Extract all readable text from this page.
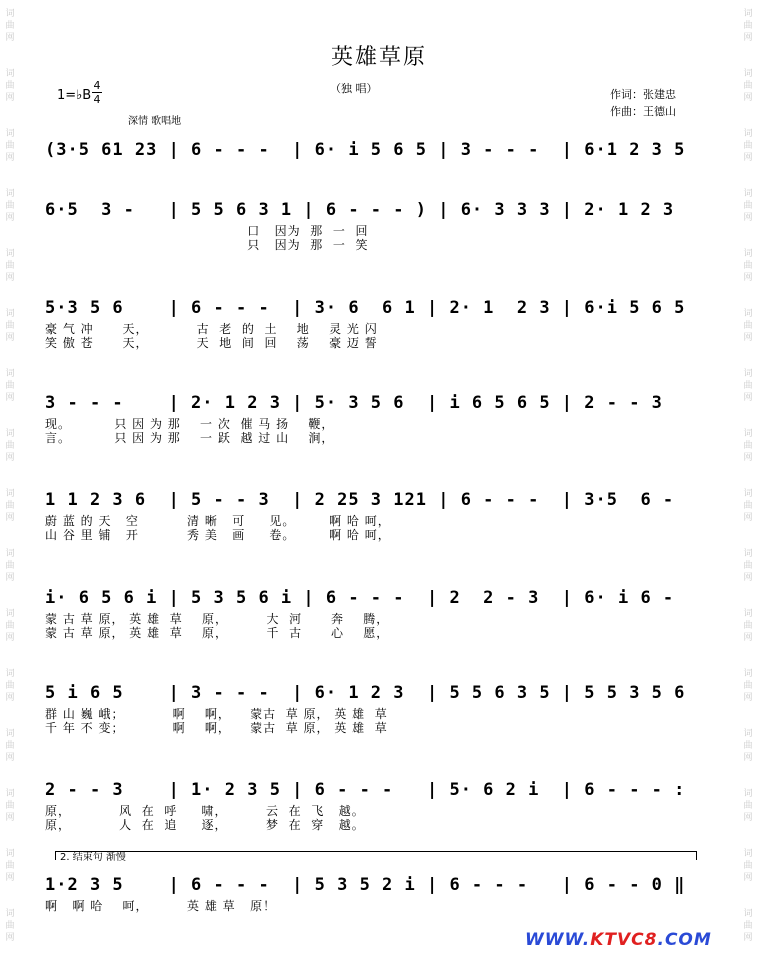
词曲网
词曲网
词曲网
词曲网
词曲网
词曲网
词曲网
词曲网
词曲网
词曲网
词曲网
词曲网
词曲网
词曲网
词曲网
词曲网
词曲网
词曲网
词曲网
词曲网
词曲网
词曲网
词曲网
词曲网
词曲网
词曲网
词曲网
词曲网
词曲网
词曲网
词曲网
词曲网
英雄草原
（独 唱）
1=♭B
4
4
深情 歌唱地
作词：张建忠
作曲：王德山
(3·5 61 23 | 6 - - -  | 6· i 5 6 5 | 3 - - -  | 6·1 2 3 5
6·5  3 -   | 5 5 6 3 1 | 6 - - - ) | 6· 3 3 3 | 2· 1 2 3
口   因为  那  一  回
只   因为  那  一  笑
5·3 5 6    | 6 - - -  | 3· 6  6 1 | 2· 1  2 3 | 6·i 5 6 5
豪 气 冲      天，          古  老  的  土    地    灵 光 闪
笑 傲 苍      天，          天  地  间  回    荡    豪 迈 誓
3 - - -    | 2· 1 2 3 | 5· 3 5 6  | i 6 5 6 5 | 2 - - 3
现。         只 因 为 那    一 次  催 马 扬    鞭，
言。         只 因 为 那    一 跃  越 过 山    涧，
1 1 2 3 6  | 5 - - 3  | 2 25 3 121 | 6 - - -  | 3·5  6 -
蔚 蓝 的 天   空          清 晰   可     见。       啊 哈 呵，
山 谷 里 铺   开          秀 美   画     卷。       啊 哈 呵，
i· 6 5 6 i | 5 3 5 6 i | 6 - - -  | 2  2 - 3  | 6· i 6 -
蒙 古 草 原， 英 雄  草    原，        大  河      奔    腾，
蒙 古 草 原， 英 雄  草    原，        千  古      心    愿，
5 i 6 5    | 3 - - -  | 6· 1 2 3  | 5 5 6 3 5 | 5 5 3 5 6
群 山 巍 峨；          啊    啊，    蒙古  草 原， 英 雄  草
千 年 不 变；          啊    啊，    蒙古  草 原， 英 雄  草
2 - - 3    | 1· 2 3 5 | 6 - - -   | 5· 6 2 i  | 6 - - - :
原，          风  在  呼     啸，        云  在  飞   越。
原，          人  在  追     逐，        梦  在  穿   越。
1·2 3 5    | 6 - - -  | 5 3 5 2 i | 6 - - -   | 6 - - 0 ‖
啊   啊 哈    呵，        英 雄 草   原！
2. 结束句 渐慢
WWW.KTVC8.COM
